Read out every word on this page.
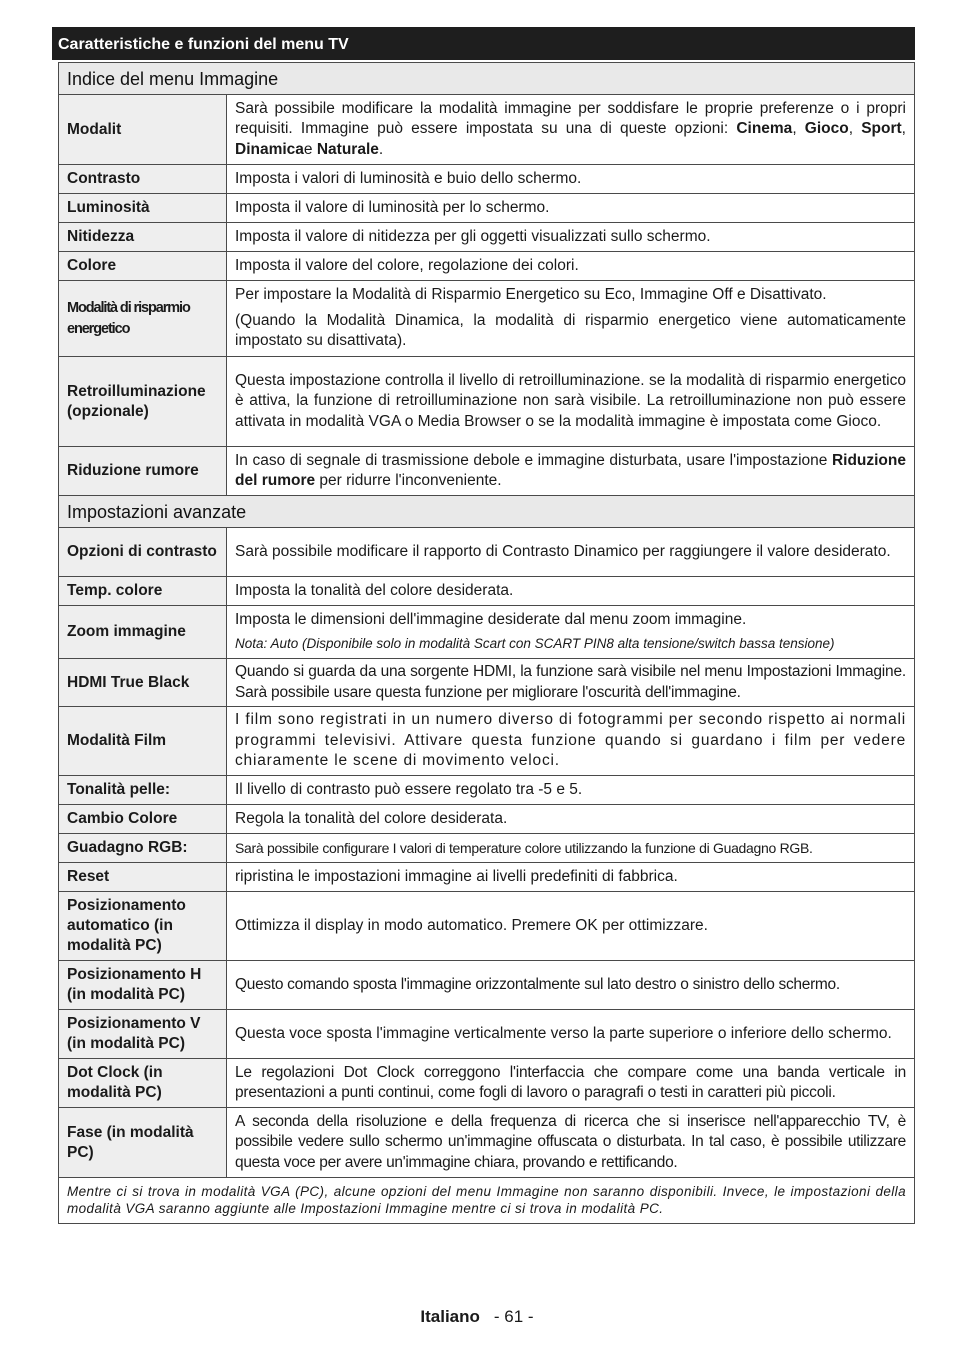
Caratteristiche e funzioni del menu TV
Indice del menu Immagine	
Modalit	Sarà possibile modificare la modalità immagine per soddisfare le proprie preferenze o i propri requisiti. Immagine può essere impostata su una di queste opzioni: Cinema, Gioco, Sport, Dinamicae Naturale.
Contrasto	Imposta i valori di luminosità e buio dello schermo.
Luminosità	Imposta il valore di luminosità per lo schermo.
Nitidezza	Imposta il valore di nitidezza per gli oggetti visualizzati sullo schermo.
Colore	Imposta il valore del colore, regolazione dei colori.
Modalità di risparmio energetico	Per impostare la Modalità di Risparmio Energetico su Eco, Immagine Off e Disattivato.

(Quando la Modalità Dinamica, la modalità di risparmio energetico viene automaticamente impostato su disattivata).

Retroilluminazione (opzionale)	Questa impostazione controlla il livello di retroilluminazione. se la modalità di risparmio energetico è attiva, la funzione di retroilluminazione non sarà visibile. La retroilluminazione non può essere attivata in modalità VGA o Media Browser o se la modalità immagine è impostata come Gioco.
Riduzione rumore	In caso di segnale di trasmissione debole e immagine disturbata, usare l'impostazione Riduzione del rumore per ridurre l'inconveniente.
Impostazioni avanzate	
Opzioni di contrasto	Sarà possibile modificare il rapporto di Contrasto Dinamico per raggiungere il valore desiderato.
Temp. colore	Imposta la tonalità del colore desiderata.
Zoom immagine	Imposta le dimensioni dell'immagine desiderate dal menu zoom immagine.
Nota: Auto (Disponibile solo in modalità Scart con SCART PIN8 alta tensione/switch bassa tensione)

HDMI True Black	Quando si guarda da una sorgente HDMI, la funzione sarà visibile nel menu Impostazioni Immagine. Sarà possibile usare questa funzione per migliorare l'oscurità dell'immagine.
Modalità Film	I film sono registrati in un numero diverso di fotogrammi per secondo rispetto ai normali programmi televisivi. Attivare questa funzione quando si guardano i film per vedere chiaramente le scene di movimento veloci.
Tonalità pelle:	Il livello di contrasto può essere regolato tra -5 e 5.
Cambio Colore	Regola la tonalità del colore desiderata.
Guadagno RGB:	Sarà possibile configurare I valori di temperature colore utilizzando la funzione di Guadagno RGB.
Reset	ripristina le impostazioni immagine ai livelli predefiniti di fabbrica.
Posizionamento automatico (in modalità PC)	Ottimizza il display in modo automatico. Premere OK per ottimizzare.
Posizionamento H (in modalità PC)	Questo comando sposta l'immagine orizzontalmente sul lato destro o sinistro dello schermo.
Posizionamento V (in modalità PC)	Questa voce sposta l'immagine verticalmente verso la parte superiore o inferiore dello schermo.
Dot Clock (in modalità PC)	Le regolazioni Dot Clock correggono l'interfaccia che compare come una banda verticale in presentazioni a punti continui, come fogli di lavoro o paragrafi o testi in caratteri più piccoli.
Fase (in modalità PC)	A seconda della risoluzione e della frequenza di ricerca che si inserisce nell'apparecchio TV, è possibile vedere sullo schermo un'immagine offuscata o disturbata. In tal caso, è possibile utilizzare questa voce per avere un'immagine chiara, provando e rettificando.
Mentre ci si trova in modalità VGA (PC), alcune opzioni del menu Immagine non saranno disponibili. Invece, le impostazioni della modalità VGA saranno aggiunte alle Impostazioni Immagine mentre ci si trova in modalità PC.	
Italiano - 61 -
